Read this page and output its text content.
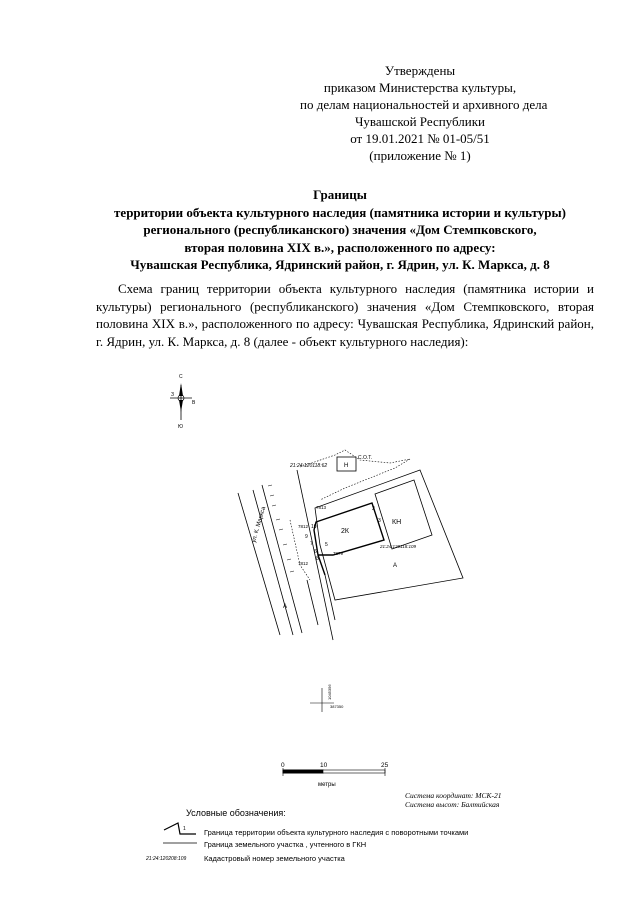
Утверждены
приказом Министерства культуры,
по делам национальностей и архивного дела
Чувашской Республики
от 19.01.2021 № 01-05/51
(приложение № 1)
Границы
территории объекта культурного наследия (памятника истории и культуры)
регионального (республиканского) значения «Дом Стемпковского,
вторая половина XIX в.», расположенного по адресу:
Чувашская Республика, Ядринский район, г. Ядрин, ул. К. Маркса, д. 8
Схема границ территории объекта культурного наследия (памятника истории и культуры) регионального (республиканского) значения «Дом Стемпковского, вторая половина XIX в.», расположенного по адресу: Чувашская Республика, Ядринский район, г. Ядрин, ул. К. Маркса, д. 8 (далее - объект культурного наследия):
С
Ю
З
В
ул. К. Маркса	КН
2К
Н
С.О.Т.
21:24:120118:62
21:24:120118:109
2
3
5
9
10
6
7
8
7813
7812
7812
7879
А
А
1045356
387350
0	10	25
метры
1
21:24:120208:109
Система координат: МСК-21
Система высот: Балтийская
Условные обозначения:
Граница территории объекта культурного наследия с поворотными точками
Граница земельного участка , учтенного в ГКН
Кадастровый номер земельного участка
